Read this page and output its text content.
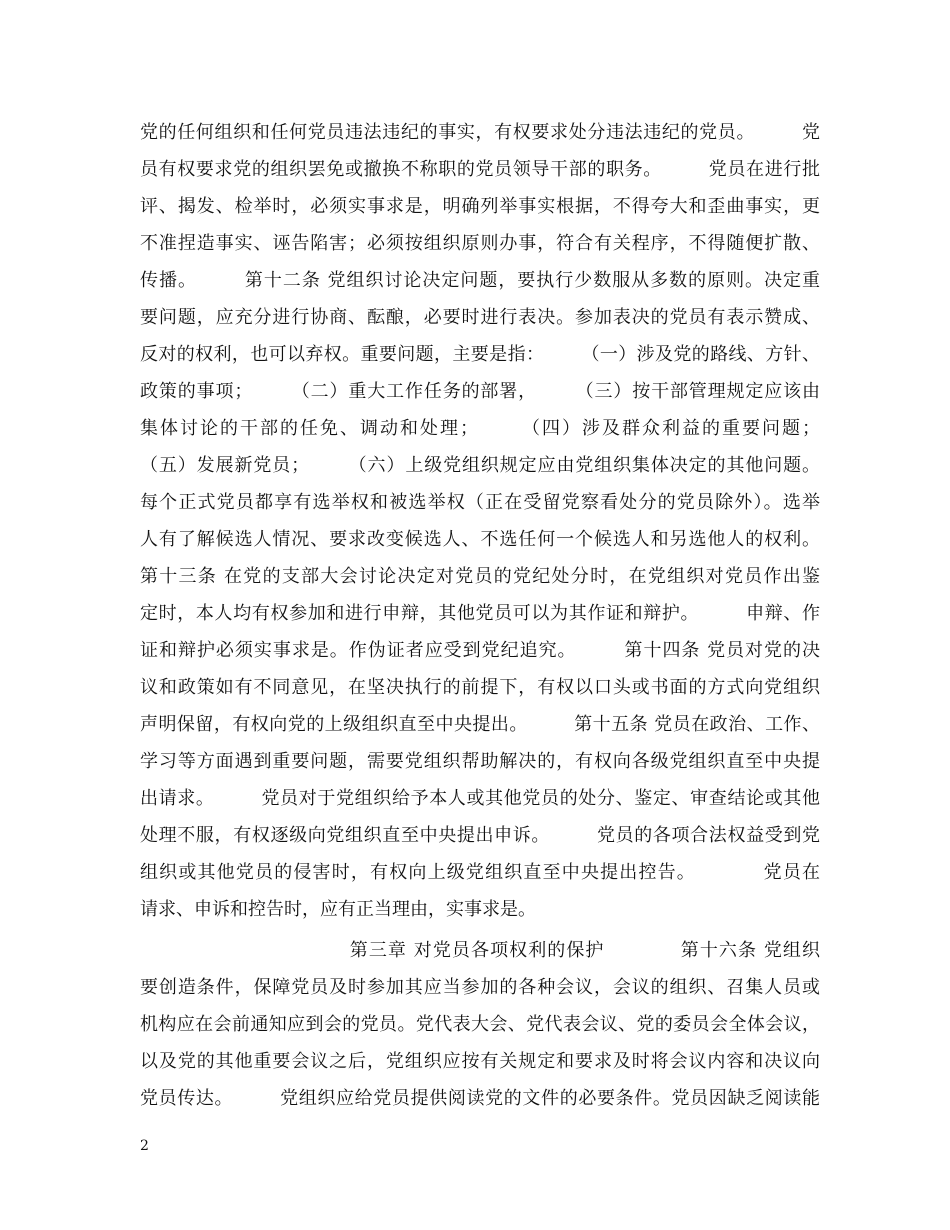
党的任何组织和任何党员违法违纪的事实，有权要求处分违法违纪的党员。　　　党
员有权要求党的组织罢免或撤换不称职的党员领导干部的职务。　　　党员在进行批
评、揭发、检举时，必须实事求是，明确列举事实根据，不得夸大和歪曲事实，更
不准捏造事实、诬告陷害；必须按组织原则办事，符合有关程序，不得随便扩散、
传播。　　　第十二条 党组织讨论决定问题，要执行少数服从多数的原则。决定重
要问题，应充分进行协商、酝酿，必要时进行表决。参加表决的党员有表示赞成、
反对的权利，也可以弃权。重要问题，主要是指：　　　（一）涉及党的路线、方针、
政策的事项；　　　（二）重大工作任务的部署，　　　（三）按干部管理规定应该由
集体讨论的干部的任免、调动和处理；　　　（四）涉及群众利益的重要问题；
（五）发展新党员；　　　（六）上级党组织规定应由党组织集体决定的其他问题。
每个正式党员都享有选举权和被选举权（正在受留党察看处分的党员除外）。选举
人有了解候选人情况、要求改变候选人、不选任何一个候选人和另选他人的权利。
第十三条 在党的支部大会讨论决定对党员的党纪处分时，在党组织对党员作出鉴
定时，本人均有权参加和进行申辩，其他党员可以为其作证和辩护。　　　申辩、作
证和辩护必须实事求是。作伪证者应受到党纪追究。　　　第十四条 党员对党的决
议和政策如有不同意见，在坚决执行的前提下，有权以口头或书面的方式向党组织
声明保留，有权向党的上级组织直至中央提出。　　　第十五条 党员在政治、工作、
学习等方面遇到重要问题，需要党组织帮助解决的，有权向各级党组织直至中央提
出请求。　　　党员对于党组织给予本人或其他党员的处分、鉴定、审查结论或其他
处理不服，有权逐级向党组织直至中央提出申诉。　　　党员的各项合法权益受到党
组织或其他党员的侵害时，有权向上级党组织直至中央提出控告。　　　　党员在
请求、申诉和控告时，应有正当理由，实事求是。
　　　　　　　　　　　第三章 对党员各项权利的保护　　　　第十六条 党组织
要创造条件，保障党员及时参加其应当参加的各种会议，会议的组织、召集人员或
机构应在会前通知应到会的党员。党代表大会、党代表会议、党的委员会全体会议，
以及党的其他重要会议之后，党组织应按有关规定和要求及时将会议内容和决议向
党员传达。　　　党组织应给党员提供阅读党的文件的必要条件。党员因缺乏阅读能
2
